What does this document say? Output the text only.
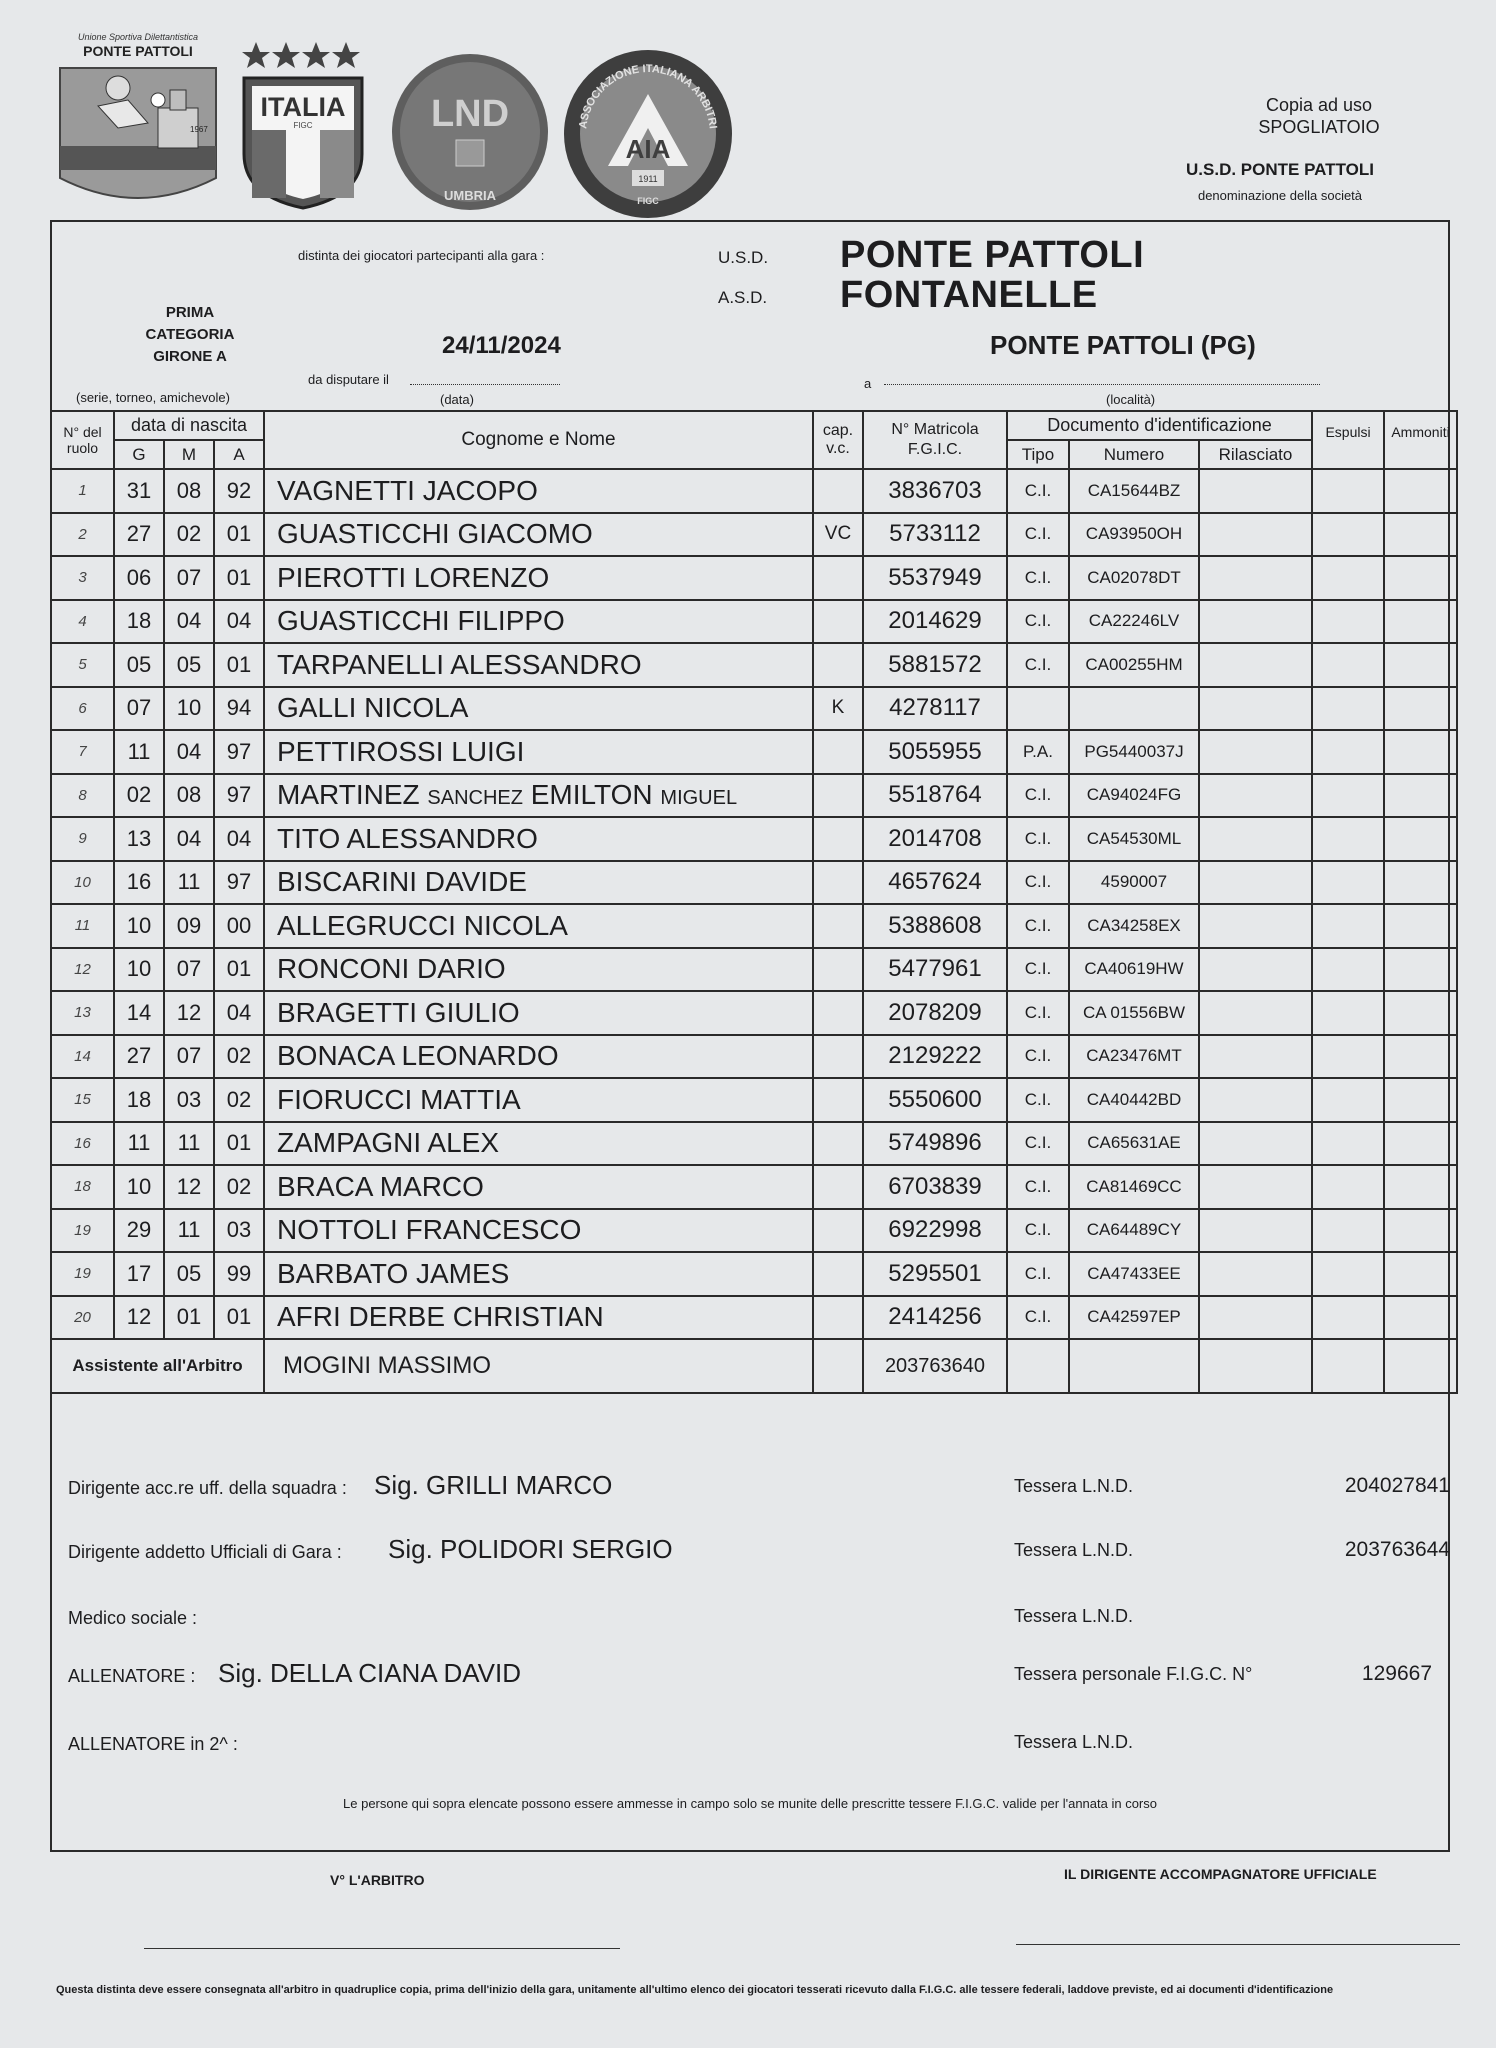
Unione Sportiva Dilettantistica
PONTE PATTOLI
1967
ITALIA
FIGC	LND
UMBRIA
ASSOCIAZIONE ITALIANA ARBITRI
AIA
1911
FIGC
Copia ad uso
SPOGLIATOIO
U.S.D. PONTE PATTOLI
denominazione della società
distinta dei giocatori partecipanti alla gara :	U.S.D.
A.S.D.
PONTE PATTOLI
FONTANELLE
PRIMA
CATEGORIA
GIRONE A
(serie, torneo, amichevole)
24/11/2024
da disputare il
(data)
PONTE PATTOLI (PG)
a
(località)
N° del ruolo	data di nascita			Cognome e Nome	cap. v.c.	N° Matricola F.G.I.C.	Documento d'identificazione			Espulsi	Ammoniti
	G	M	A				Tipo	Numero	Rilasciato		
1	31	08	92	VAGNETTI JACOPO		3836703	C.I.	CA15644BZ			
2	27	02	01	GUASTICCHI GIACOMO	VC	5733112	C.I.	CA93950OH			
3	06	07	01	PIEROTTI LORENZO		5537949	C.I.	CA02078DT			
4	18	04	04	GUASTICCHI FILIPPO		2014629	C.I.	CA22246LV			
5	05	05	01	TARPANELLI ALESSANDRO		5881572	C.I.	CA00255HM			
6	07	10	94	GALLI NICOLA	K	4278117					
7	11	04	97	PETTIROSSI LUIGI		5055955	P.A.	PG5440037J			
8	02	08	97	MARTINEZ SANCHEZ EMILTON MIGUEL		5518764	C.I.	CA94024FG			
9	13	04	04	TITO ALESSANDRO		2014708	C.I.	CA54530ML			
10	16	11	97	BISCARINI DAVIDE		4657624	C.I.	4590007			
11	10	09	00	ALLEGRUCCI NICOLA		5388608	C.I.	CA34258EX			
12	10	07	01	RONCONI DARIO		5477961	C.I.	CA40619HW			
13	14	12	04	BRAGETTI GIULIO		2078209	C.I.	CA 01556BW			
14	27	07	02	BONACA LEONARDO		2129222	C.I.	CA23476MT			
15	18	03	02	FIORUCCI MATTIA		5550600	C.I.	CA40442BD			
16	11	11	01	ZAMPAGNI ALEX		5749896	C.I.	CA65631AE			
18	10	12	02	BRACA MARCO		6703839	C.I.	CA81469CC			
19	29	11	03	NOTTOLI FRANCESCO		6922998	C.I.	CA64489CY			
19	17	05	99	BARBATO JAMES		5295501	C.I.	CA47433EE			
20	12	01	01	AFRI DERBE CHRISTIAN		2414256	C.I.	CA42597EP			
Assistente all'Arbitro				MOGINI MASSIMO		203763640					
Dirigente acc.re uff. della squadra : Sig. GRILLI MARCO	Tessera L.N.D.	204027841
Dirigente addetto Ufficiali di Gara : Sig. POLIDORI SERGIO	Tessera L.N.D.	203763644
Medico sociale :	Tessera L.N.D.
ALLENATORE : Sig. DELLA CIANA DAVID	Tessera personale F.I.G.C. N°	129667
ALLENATORE in 2^ :	Tessera L.N.D.
Le persone qui sopra elencate possono essere ammesse in campo solo se munite delle prescritte tessere F.I.G.C. valide per l'annata in corso
V° L'ARBITRO	IL DIRIGENTE ACCOMPAGNATORE UFFICIALE
Questa distinta deve essere consegnata all'arbitro in quadruplice copia, prima dell'inizio della gara, unitamente all'ultimo elenco dei giocatori tesserati ricevuto dalla F.I.G.C. alle tessere federali, laddove previste, ed ai documenti d'identificazione
